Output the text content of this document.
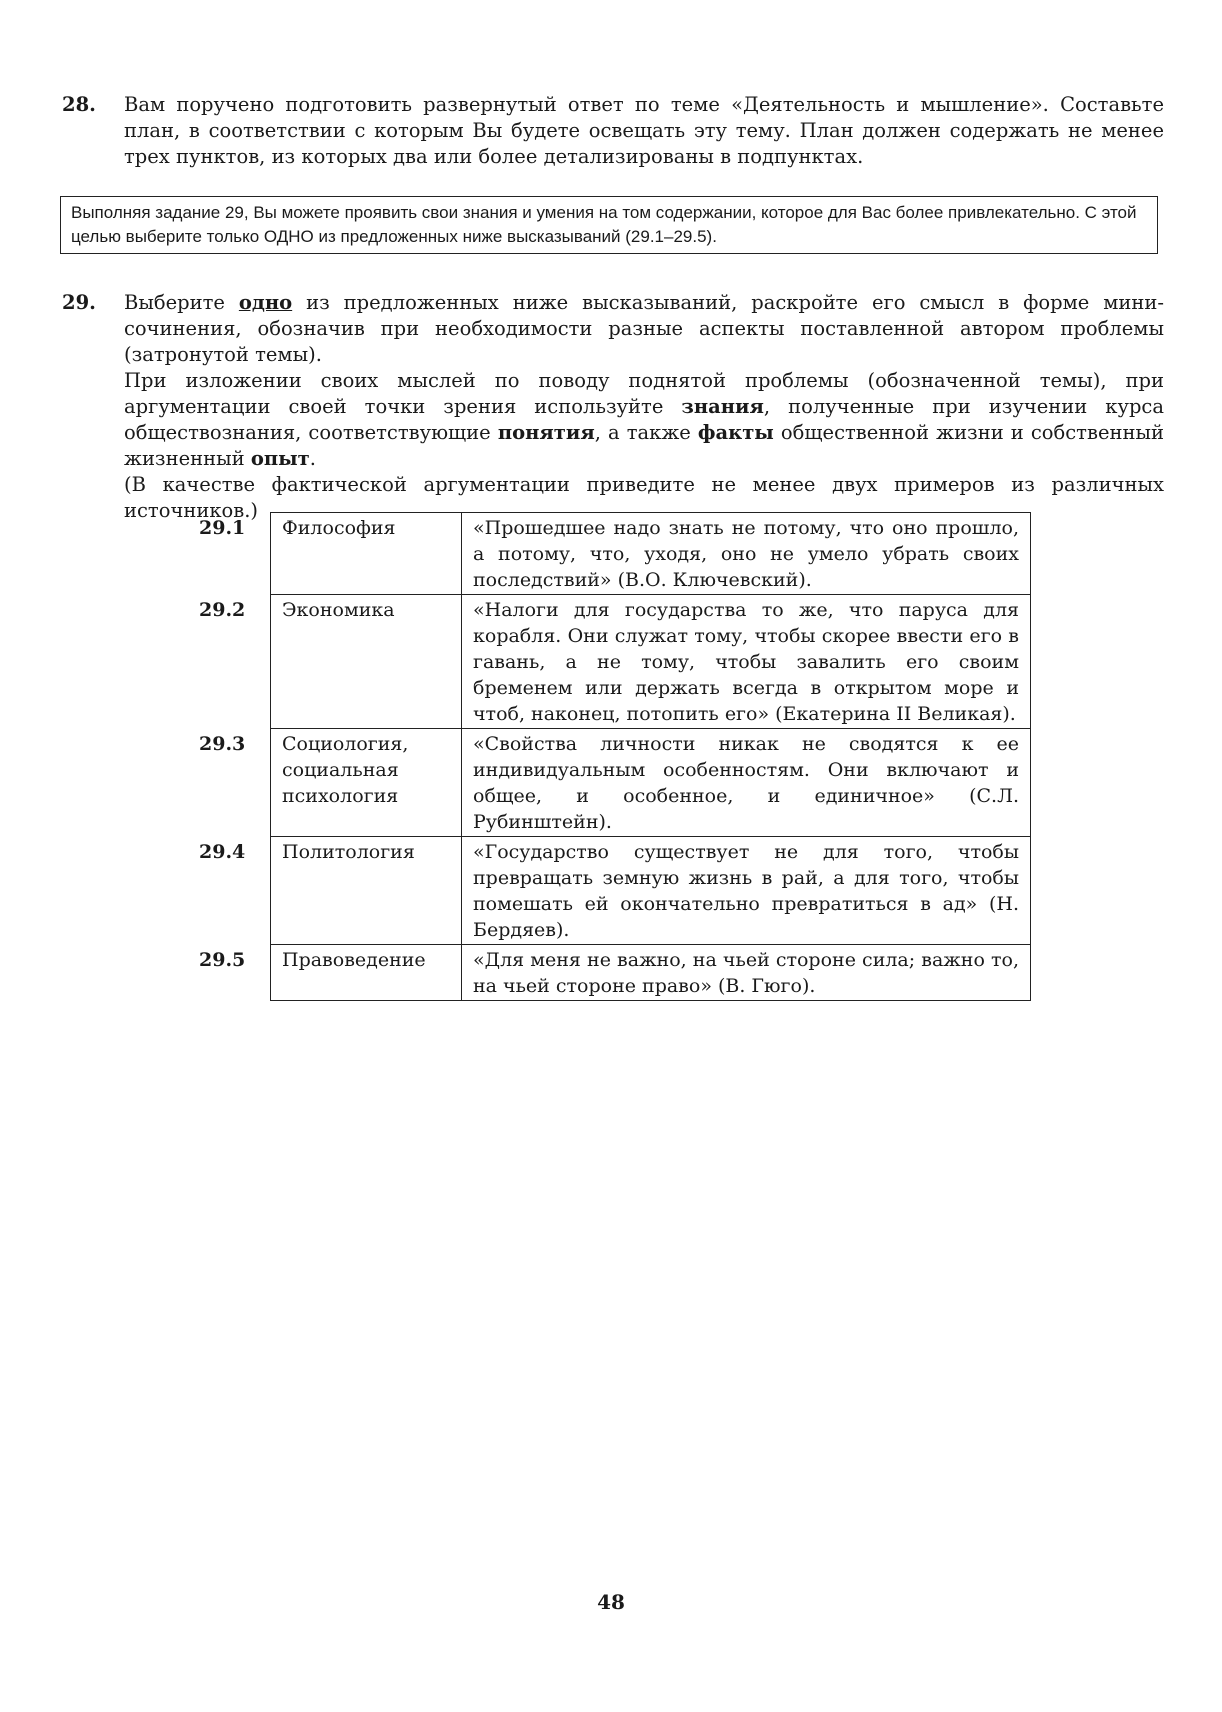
28. Вам поручено подготовить развернутый ответ по теме «Деятельность и мышление». Составьте план, в соответствии с которым Вы будете освещать эту тему. План должен содержать не менее трех пунктов, из которых два или более детализированы в подпунктах.

Выполняя задание 29, Вы можете проявить свои знания и умения на том содержании, которое для Вас более привлекательно. С этой целью выберите только ОДНО из предложенных ниже высказываний (29.1–29.5).
29. Выберите одно из предложенных ниже высказываний, раскройте его смысл в форме мини-сочинения, обозначив при необходимости разные аспекты поставленной автором проблемы (затронутой темы).

При изложении своих мыслей по поводу поднятой проблемы (обозначенной темы), при аргументации своей точки зрения используйте знания, полученные при изучении курса обществознания, соответствующие понятия, а также факты общественной жизни и собственный жизненный опыт.

(В качестве фактической аргументации приведите не менее двух примеров из различных источников.)

29.1	Философия	«Прошедшее надо знать не потому, что оно прошло, а потому, что, уходя, оно не умело убрать своих последствий» (В.О. Ключевский).
29.2	Экономика	«Налоги для государства то же, что паруса для корабля. Они служат тому, чтобы скорее ввести его в гавань, а не тому, чтобы завалить его своим бременем или держать всегда в открытом море и чтоб, наконец, потопить его» (Екатерина II Великая).
29.3	Социология, социальная психология	«Свойства личности никак не сводятся к ее индивидуальным особенностям. Они включают и общее, и особенное, и единичное» (С.Л. Рубинштейн).
29.4	Политология	«Государство существует не для того, чтобы превращать земную жизнь в рай, а для того, чтобы помешать ей окончательно превратиться в ад» (Н. Бердяев).
29.5	Правоведение	«Для меня не важно, на чьей стороне сила; важно то, на чьей стороне право» (В. Гюго).
48
